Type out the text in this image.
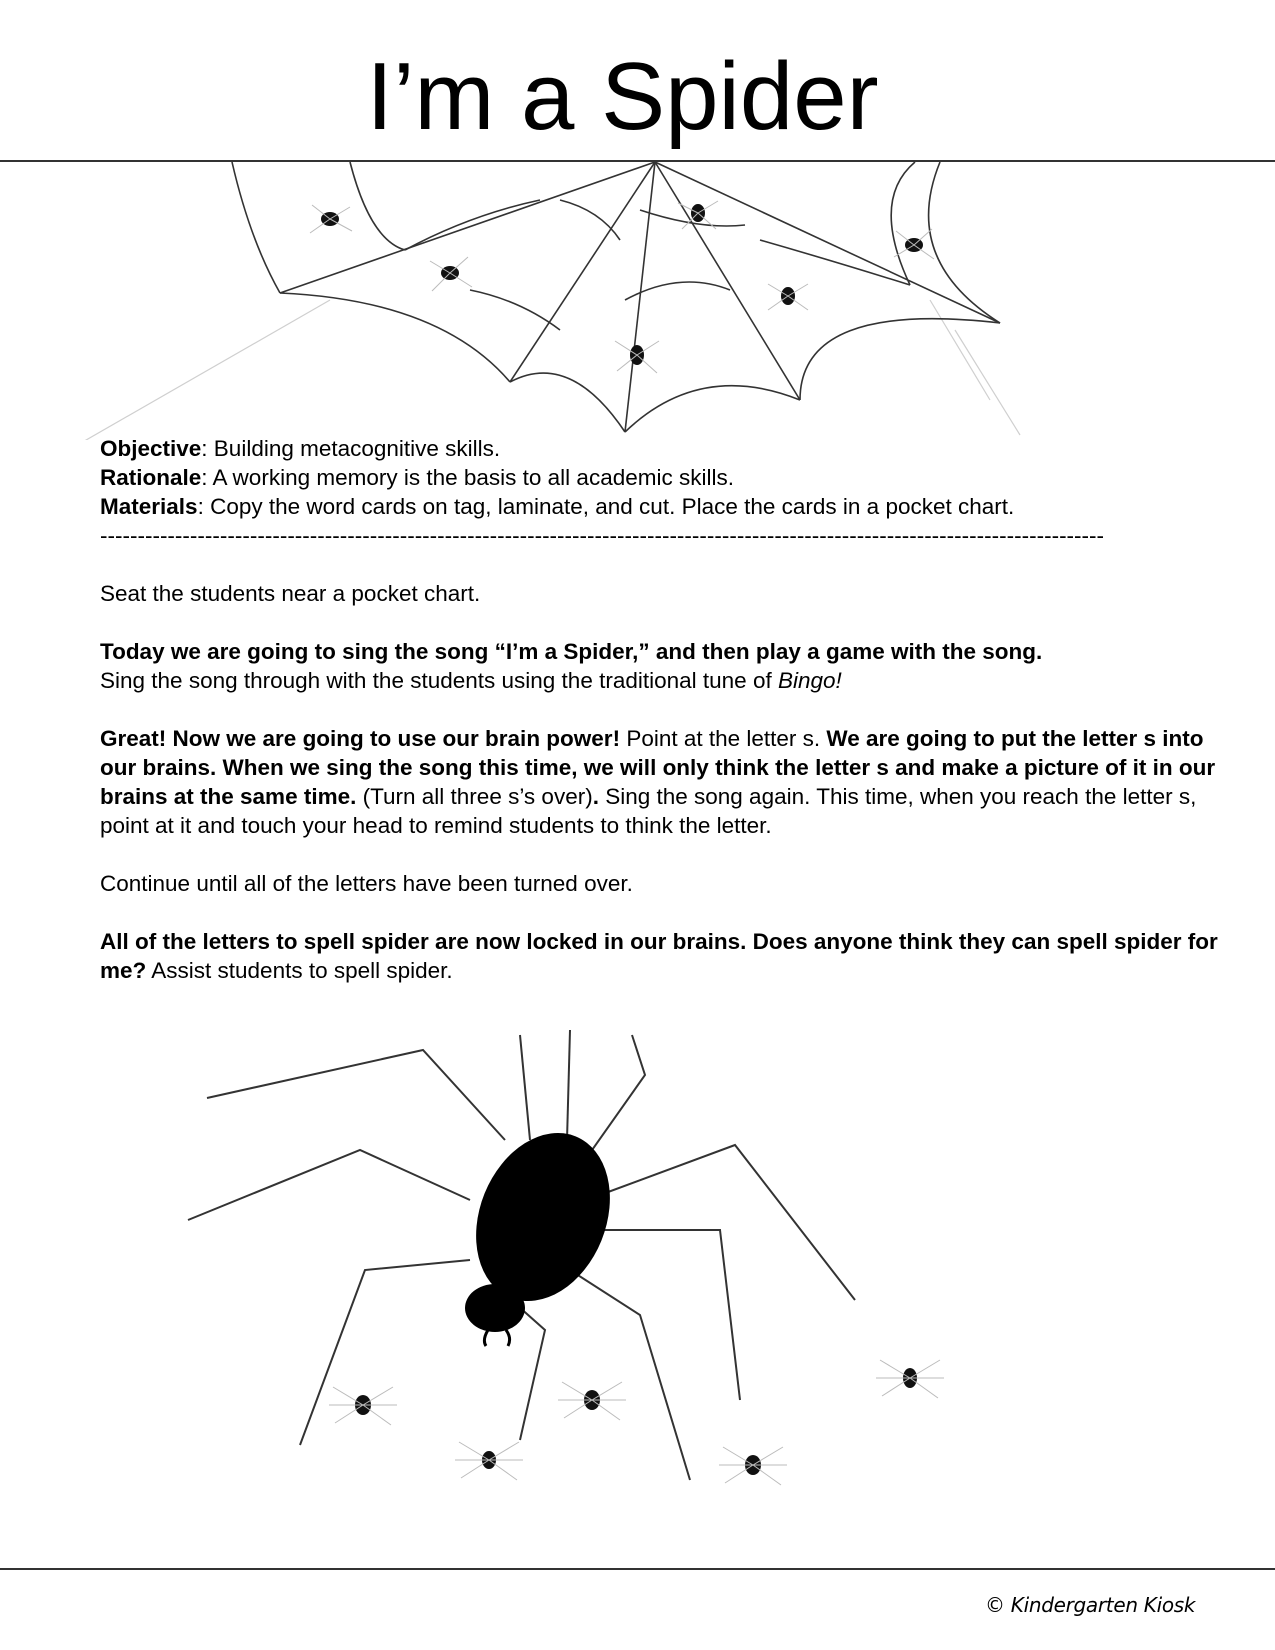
I’m a Spider

Objective: Building metacognitive skills.

Rationale: A working memory is the basis to all academic skills.

Materials: Copy the word cards on tag, laminate, and cut. Place the cards in a pocket chart.

--------------------------------------------------------------------------------------------------------------------------------------

Seat the students near a pocket chart.

Today we are going to sing the song “I’m a Spider,” and then play a game with the song.
Sing the song through with the students using the traditional tune of Bingo!

Great! Now we are going to use our brain power! Point at the letter s. We are going to put the letter s into our brains. When we sing the song this time, we will only think the letter s and make a picture of it in our brains at the same time. (Turn all three s’s over). Sing the song again. This time, when you reach the letter s, point at it and touch your head to remind students to think the letter.

Continue until all of the letters have been turned over.

All of the letters to spell spider are now locked in our brains. Does anyone think they can spell spider for me? Assist students to spell spider.

© Kindergarten Kiosk
